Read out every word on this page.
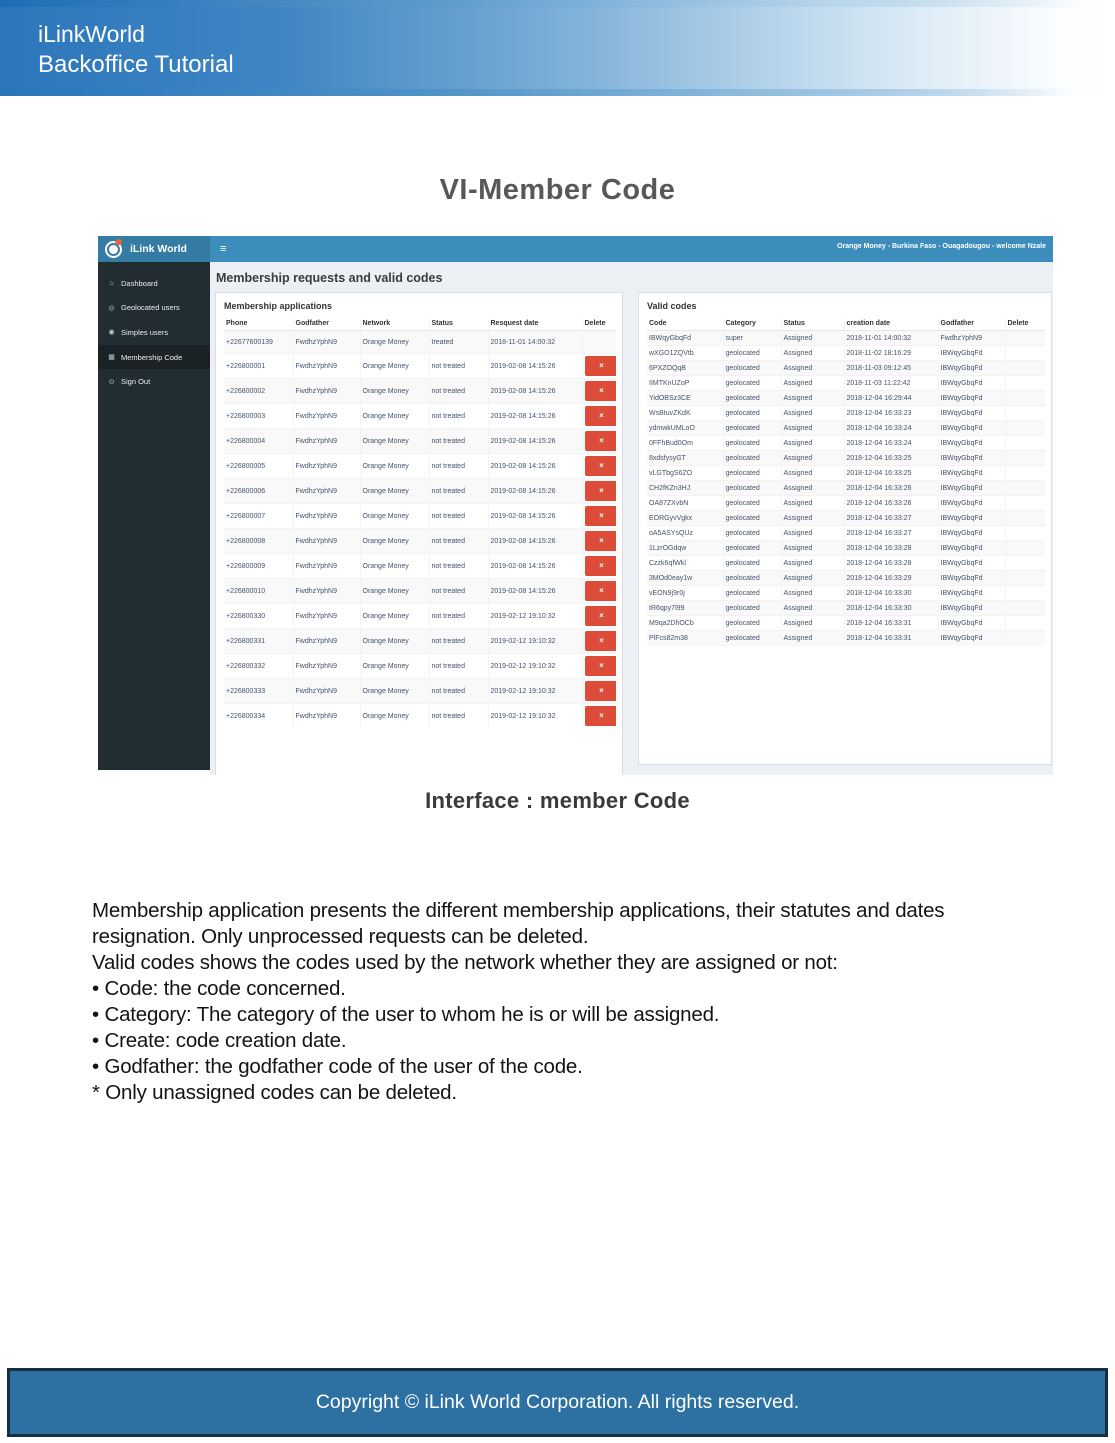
iLinkWorld
Backoffice Tutorial
VI-Member Code
iLink World	≡	Orange Money - Burkina Faso - Ouagadougou - welcome Nzale
⌂ Dashboard
◎ Geolocated users
◉ Simples users
▦ Membership Code
⊙ Sign Out
Membership requests and valid codes
Membership applications
Phone	Godfather	Network	Status	Resquest date	Delete
+22677600139	FwdhzYphN9	Orange Money	treated	2018-11-01 14:00:32	
+226800001	FwdhzYphN9	Orange Money	not treated	2019-02-08 14:15:26	×

+226800002	FwdhzYphN9	Orange Money	not treated	2019-02-08 14:15:26	×

+226800003	FwdhzYphN9	Orange Money	not treated	2019-02-08 14:15:26	×

+226800004	FwdhzYphN9	Orange Money	not treated	2019-02-08 14:15:26	×

+226800005	FwdhzYphN9	Orange Money	not treated	2019-02-08 14:15:26	×

+226800006	FwdhzYphN9	Orange Money	not treated	2019-02-08 14:15:26	×

+226800007	FwdhzYphN9	Orange Money	not treated	2019-02-08 14:15:26	×

+226800008	FwdhzYphN9	Orange Money	not treated	2019-02-08 14:15:26	×

+226800009	FwdhzYphN9	Orange Money	not treated	2019-02-08 14:15:26	×

+226800010	FwdhzYphN9	Orange Money	not treated	2019-02-08 14:15:26	×

+226800330	FwdhzYphN9	Orange Money	not treated	2019-02-12 19:10:32	×

+226800331	FwdhzYphN9	Orange Money	not treated	2019-02-12 19:10:32	×

+226800332	FwdhzYphN9	Orange Money	not treated	2019-02-12 19:10:32	×

+226800333	FwdhzYphN9	Orange Money	not treated	2019-02-12 19:10:32	×

+226800334	FwdhzYphN9	Orange Money	not treated	2019-02-12 19:10:32	×
Valid codes
Code	Category	Status	creation date	Godfather	Delete
IBWqyGbqFd	super	Assigned	2018-11-01 14:00:32	FwdhzYphN9	
wXGO1ZQVtb	geolocated	Assigned	2018-11-02 18:16:29	IBWqyGbqFd	
6PXZOQqB	geolocated	Assigned	2018-11-03 09:12:45	IBWqyGbqFd	
IIMTKnUZoP	geolocated	Assigned	2018-11-03 11:22:42	IBWqyGbqFd	
YidOBSz3CE	geolocated	Assigned	2018-12-04 16:29:44	IBWqyGbqFd	
WsBtuvZKdK	geolocated	Assigned	2018-12-04 16:33:23	IBWqyGbqFd	
ydmwkUMLoO	geolocated	Assigned	2018-12-04 16:33:24	IBWqyGbqFd	
0FFhBud0Om	geolocated	Assigned	2018-12-04 16:33:24	IBWqyGbqFd	
8xdsfysyGT	geolocated	Assigned	2018-12-04 16:33:25	IBWqyGbqFd	
vLGTbgS6ZO	geolocated	Assigned	2018-12-04 16:33:25	IBWqyGbqFd	
CH2fKZn3HJ	geolocated	Assigned	2018-12-04 16:33:26	IBWqyGbqFd	
OA87ZXvbN	geolocated	Assigned	2018-12-04 16:33:26	IBWqyGbqFd	
EORGyvVgkx	geolocated	Assigned	2018-12-04 16:33:27	IBWqyGbqFd	
oA5ASYsQUz	geolocated	Assigned	2018-12-04 16:33:27	IBWqyGbqFd	
1LzrOGdqw	geolocated	Assigned	2018-12-04 16:33:28	IBWqyGbqFd	
Czzk6qfWkl	geolocated	Assigned	2018-12-04 16:33:28	IBWqyGbqFd	
3MOd0eay1w	geolocated	Assigned	2018-12-04 16:33:29	IBWqyGbqFd	
vEON9j9r0j	geolocated	Assigned	2018-12-04 16:33:30	IBWqyGbqFd	
tR6qpy7l99	geolocated	Assigned	2018-12-04 16:33:30	IBWqyGbqFd	
M9qa2DhOCb	geolocated	Assigned	2018-12-04 16:33:31	IBWqyGbqFd	
PlFcs82m38	geolocated	Assigned	2018-12-04 16:33:31	IBWqyGbqFd	
Interface : member Code
Membership application presents the different membership applications, their statutes and dates resignation. Only unprocessed requests can be deleted.
Valid codes shows the codes used by the network whether they are assigned or not:
• Code: the code concerned.
• Category: The category of the user to whom he is or will be assigned.
• Create: code creation date.
• Godfather: the godfather code of the user of the code.
* Only unassigned codes can be deleted.
Copyright © iLink World Corporation. All rights reserved.
